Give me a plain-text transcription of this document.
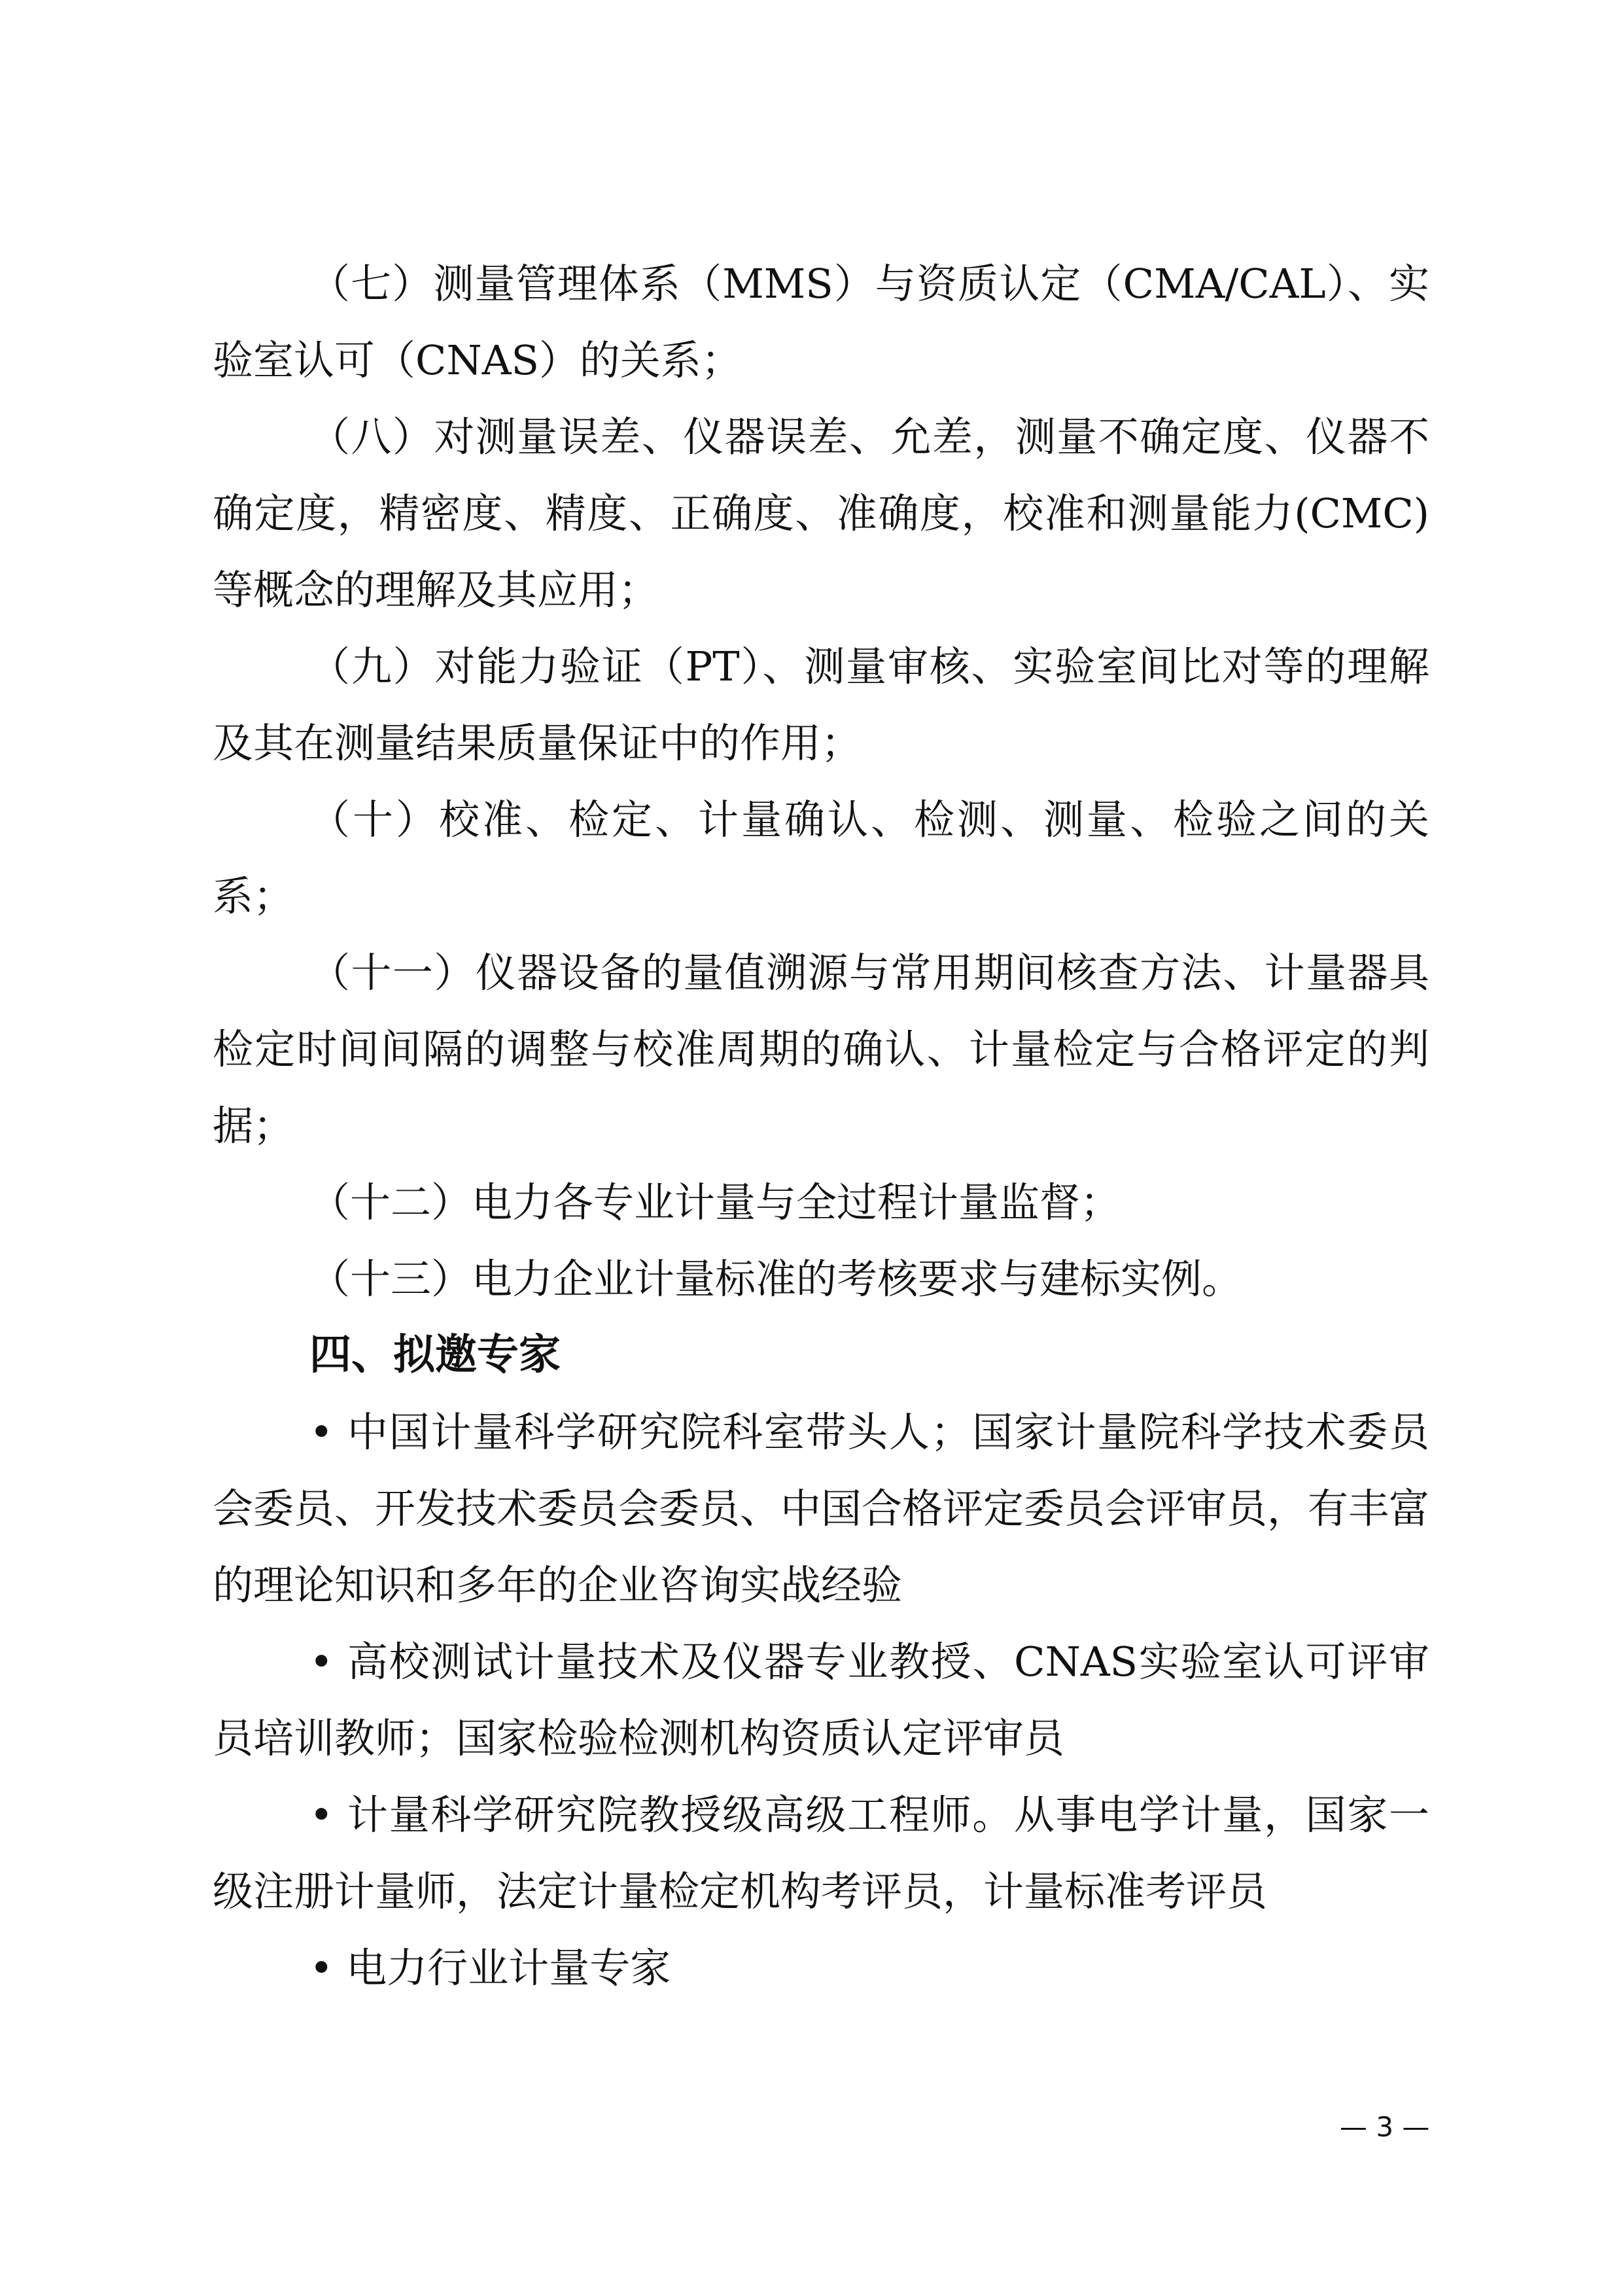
（七）测量管理体系（MMS）与资质认定（CMA/CAL）、实验室认可（CNAS）的关系；

（八）对测量误差、仪器误差、允差，测量不确定度、仪器不确定度，精密度、精度、正确度、准确度，校准和测量能力(CMC)等概念的理解及其应用；

（九）对能力验证（PT）、测量审核、实验室间比对等的理解及其在测量结果质量保证中的作用；

（十）校准、检定、计量确认、检测、测量、检验之间的关系；

（十一）仪器设备的量值溯源与常用期间核查方法、计量器具检定时间间隔的调整与校准周期的确认、计量检定与合格评定的判据；

（十二）电力各专业计量与全过程计量监督；

（十三）电力企业计量标准的考核要求与建标实例。

四、拟邀专家

• 中国计量科学研究院科室带头人；国家计量院科学技术委员会委员、开发技术委员会委员、中国合格评定委员会评审员，有丰富的理论知识和多年的企业咨询实战经验

• 高校测试计量技术及仪器专业教授、CNAS实验室认可评审员培训教师；国家检验检测机构资质认定评审员

• 计量科学研究院教授级高级工程师。从事电学计量，国家一级注册计量师，法定计量检定机构考评员，计量标准考评员

• 电力行业计量专家

— 3 —
